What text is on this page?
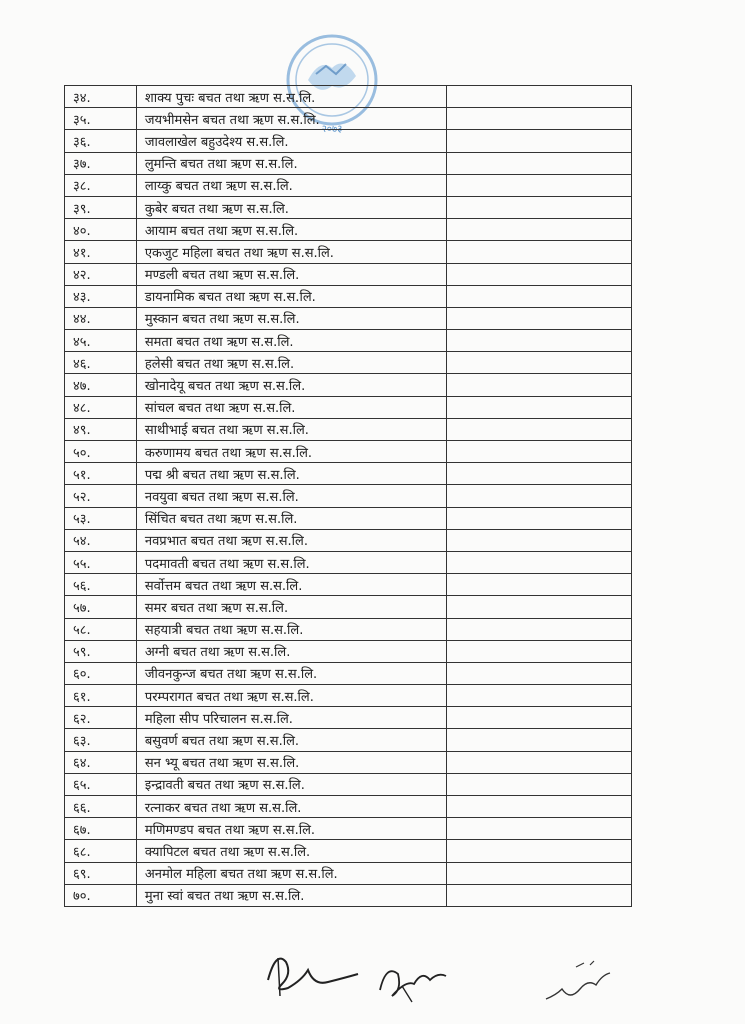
२०७३
३४.	शाक्य पुचः बचत तथा ऋण स.स.लि.	
३५.	जयभीमसेन बचत तथा ऋण स.स.लि.	
३६.	जावलाखेल बहुउदेश्य स.स.लि.	
३७.	लुमन्ति बचत तथा ऋण स.स.लि.	
३८.	लाय्कु बचत तथा ऋण स.स.लि.	
३९.	कुबेर बचत तथा ऋण स.स.लि.	
४०.	आयाम बचत तथा ऋण स.स.लि.	
४१.	एकजुट महिला बचत तथा ऋण स.स.लि.	
४२.	मण्डली बचत तथा ऋण स.स.लि.	
४३.	डायनामिक बचत तथा ऋण स.स.लि.	
४४.	मुस्कान बचत तथा ऋण स.स.लि.	
४५.	समता बचत तथा ऋण स.स.लि.	
४६.	हलेसी बचत तथा ऋण स.स.लि.	
४७.	खोनादेयू बचत तथा ऋण स.स.लि.	
४८.	सांचल बचत तथा ऋण स.स.लि.	
४९.	साथीभाई बचत तथा ऋण स.स.लि.	
५०.	करुणामय बचत तथा ऋण स.स.लि.	
५१.	पद्म श्री बचत तथा ऋण स.स.लि.	
५२.	नवयुवा बचत तथा ऋण स.स.लि.	
५३.	सिंचित बचत तथा ऋण स.स.लि.	
५४.	नवप्रभात बचत तथा ऋण स.स.लि.	
५५.	पदमावती बचत तथा ऋण स.स.लि.	
५६.	सर्वोत्तम बचत तथा ऋण स.स.लि.	
५७.	समर बचत तथा ऋण स.स.लि.	
५८.	सहयात्री बचत तथा ऋण स.स.लि.	
५९.	अग्नी बचत तथा ऋण स.स.लि.	
६०.	जीवनकुन्ज बचत तथा ऋण स.स.लि.	
६१.	परम्परागत बचत तथा ऋण स.स.लि.	
६२.	महिला सीप परिचालन स.स.लि.	
६३.	बसुवर्ण बचत तथा ऋण स.स.लि.	
६४.	सन भ्यू बचत तथा ऋण स.स.लि.	
६५.	इन्द्रावती बचत तथा ऋण स.स.लि.	
६६.	रत्नाकर बचत तथा ऋण स.स.लि.	
६७.	मणिमण्डप बचत तथा ऋण स.स.लि.	
६८.	क्यापिटल बचत तथा ऋण स.स.लि.	
६९.	अनमोल महिला बचत तथा ऋण स.स.लि.	
७०.	मुना स्वां बचत तथा ऋण स.स.लि.	
